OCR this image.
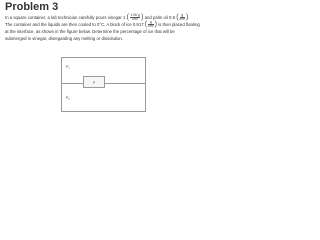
Problem 3
In a square container, a lab technician carefully pours vinegar 1 ( $\frac{1.06 g}{\text{cm³}}$ ) and palm oil 0.9 ( $\frac{g}{\text{cm³}}$ ).
The container and the liquids are then cooled to 0°C. A block of ice 0.917 ( $\frac{g}{\text{cm³}}$ ) is then placed floating
at the interface, as shown in the figure below. Determine the percentage of ice that will be
submerged in vinegar, disregarding any melting or dissolution.
$\rho_1$
ρ
$\rho_2$
